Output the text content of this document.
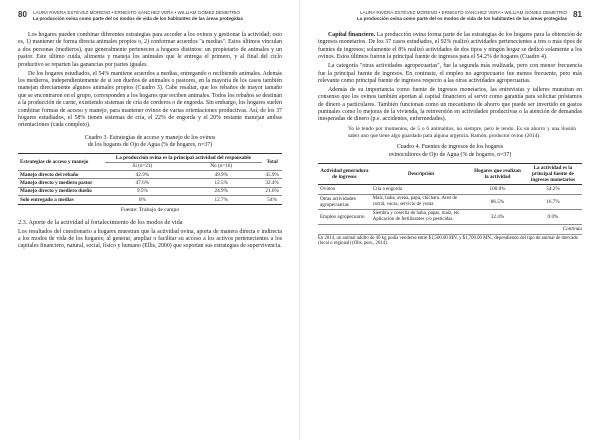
80 LAURA RIVERA ESTÉVEZ MORENO • ERNESTO SÁNCHEZ VERA • WILLIAM GÓMEZ DEMETRIO
La producción ovina como parte del os modos de vida de los habitantes de las áreas protegidas

Los hogares pueden combinar diferentes estrategias para acceder a los ovinos y gestionar la actividad; esto es, 1) mantener de forma directa animales propios o, 2) conformar acuerdos "a medias". Estos últimos vinculan a dos personas (medieros), que generalmente pertenecen a hogares distintos: un propietario de animales y un pastor. Este último cuida, alimenta y maneja los animales que le entrega el primero, y al final del ciclo productivo se reparten las ganancias por partes iguales.

De los hogares estudiados, el 54% mantiene acuerdos a medias, entregando o recibiendo animales. Además los medieros, independientemente de si son dueños de animales o pastores, en la mayoría de los casos también manejan directamente algunos animales propios (Cuadro 3). Cabe resaltar, que los rebaños de mayor tamaño que se encontraron en el grupo, corresponden a los hogares que reciben animales. Todos los rebaños se destinan a la producción de carne, existiendo sistemas de cría de corderos o de engorda. Sin embargo, los hogares suelen combinar formas de acceso y manejo, para mantener ovinos de varias orientaciones productivas. Así, de los 37 hogares estudiados, el 58% tienen sistemas de cría, el 22% de engorda y el 20% restante manejan ambas orientaciones (cada completo).

Cuadro 3. Estrategias de acceso y manejo de los ovinos
de los hogares de Ojo de Agua (% de hogares, n=37)
Estrategias de acceso y manejo	La producción ovina es la principal actividad del responsable		Total
	Sí (n=21)	No (n=16)	
Manejo directo del rebaño	42.9%	49.9%	45.9%
Manejo directo y mediero pastor	47.6%	12.5%	32.4%
Manejo directo y mediero dueño	9.5%	24.9%	21.6%
Solo entregado a medias	0%	12.7%	54%
Fuente: Trabajo de campo
2.3. Aporte de la actividad al fortalecimiento de los modos de vida

Los resultados del cuestionario a hogares muestran que la actividad ovina, aporta de manera directa e indirecta a los modos de vida de los hogares; al generar, ampliar o facilitar su acceso a los activos pertenecientes a los capitales financiero, natural, social, físico y humano (Ellis, 2000) que soportan sus estrategias de supervivencia.

LAURA RIVERA ESTÉVEZ MORENO • ERNESTO SÁNCHEZ VERA • WILLIAM GÓMEZ DEMETRIO
La producción ovina como parte del os modos de vida de los habitantes de las áreas protegidas 81

Capital financiero. La producción ovina forma parte de las estrategias de los hogares para la obtención de ingresos monetarios. De los 37 casos estudiados, el 92% realizó actividades pertenecientes a tres o más tipos de fuentes de ingresos; solamente el 8% realizó actividades de dos tipos y ningún hogar se dedicó solamente a los ovinos. Estos últimos fueron la principal fuente de ingresos para el 54.2% de hogares (Cuadro 4).

La categoría "otras actividades agropecuarias", fue la segunda más realizada, pero con menor frecuencia fue la principal fuente de ingresos. En contraste, el empleo no agropecuario fue menos frecuente, pero más relevante como principal fuente de ingresos respecto a las otras actividades agropecuarias.

Además de su importancia como fuente de ingresos monetarios, las entrevistas y talleres muestran en consenso que los ovinos también aportan al capital financiero al servir como garantía para solicitar préstamos de dinero a particulares. También funcionan como un mecanismo de ahorro que puede ser invertido en gastos puntuales como lo mejoras de la vivienda, la reinversión en actividades productivas o la atención de demandas inesperadas de dinero (p.e. accidentes, enfermedades).

Yo le tendo por momentos, de 5 o 6 animalitos, no siempre, pero le tendo. Es un ahorro y una ilusión saber uno que tiene algo guardado para alguna urgencia. Ramón, productor ovino (2014).
Cuadro 4. Fuentes de ingresos de los hogares
ovinocultores de Ojo de Agua (% de hogares, n=37)
Actividad generadora de ingresos	Descripción	Hogares que realizan la actividad	La actividad es la principal fuente de ingresos monetarios
Ovinos	Cría o engorda	100.0%	54.2%
Otras actividades agropecuarias	Maíz, haba, avena, papa, chícharo. Aves de corral, vacas, servicio de yunta	86.5%	16.7%
Empleo agropecuario	Siembra y cosecha de haba, papas, maíz, etc. Aplicación de fertilizantes y/o pesticidas.	32.4%	0.0%
Continúa
En 2014, un animal adulto de 40 kg podía venderse entre $1,500.00 MN. y $1,700.00 MN., dependiendo del tipo de animal de mercado (local o regional) (Obs. pers., 2014).
